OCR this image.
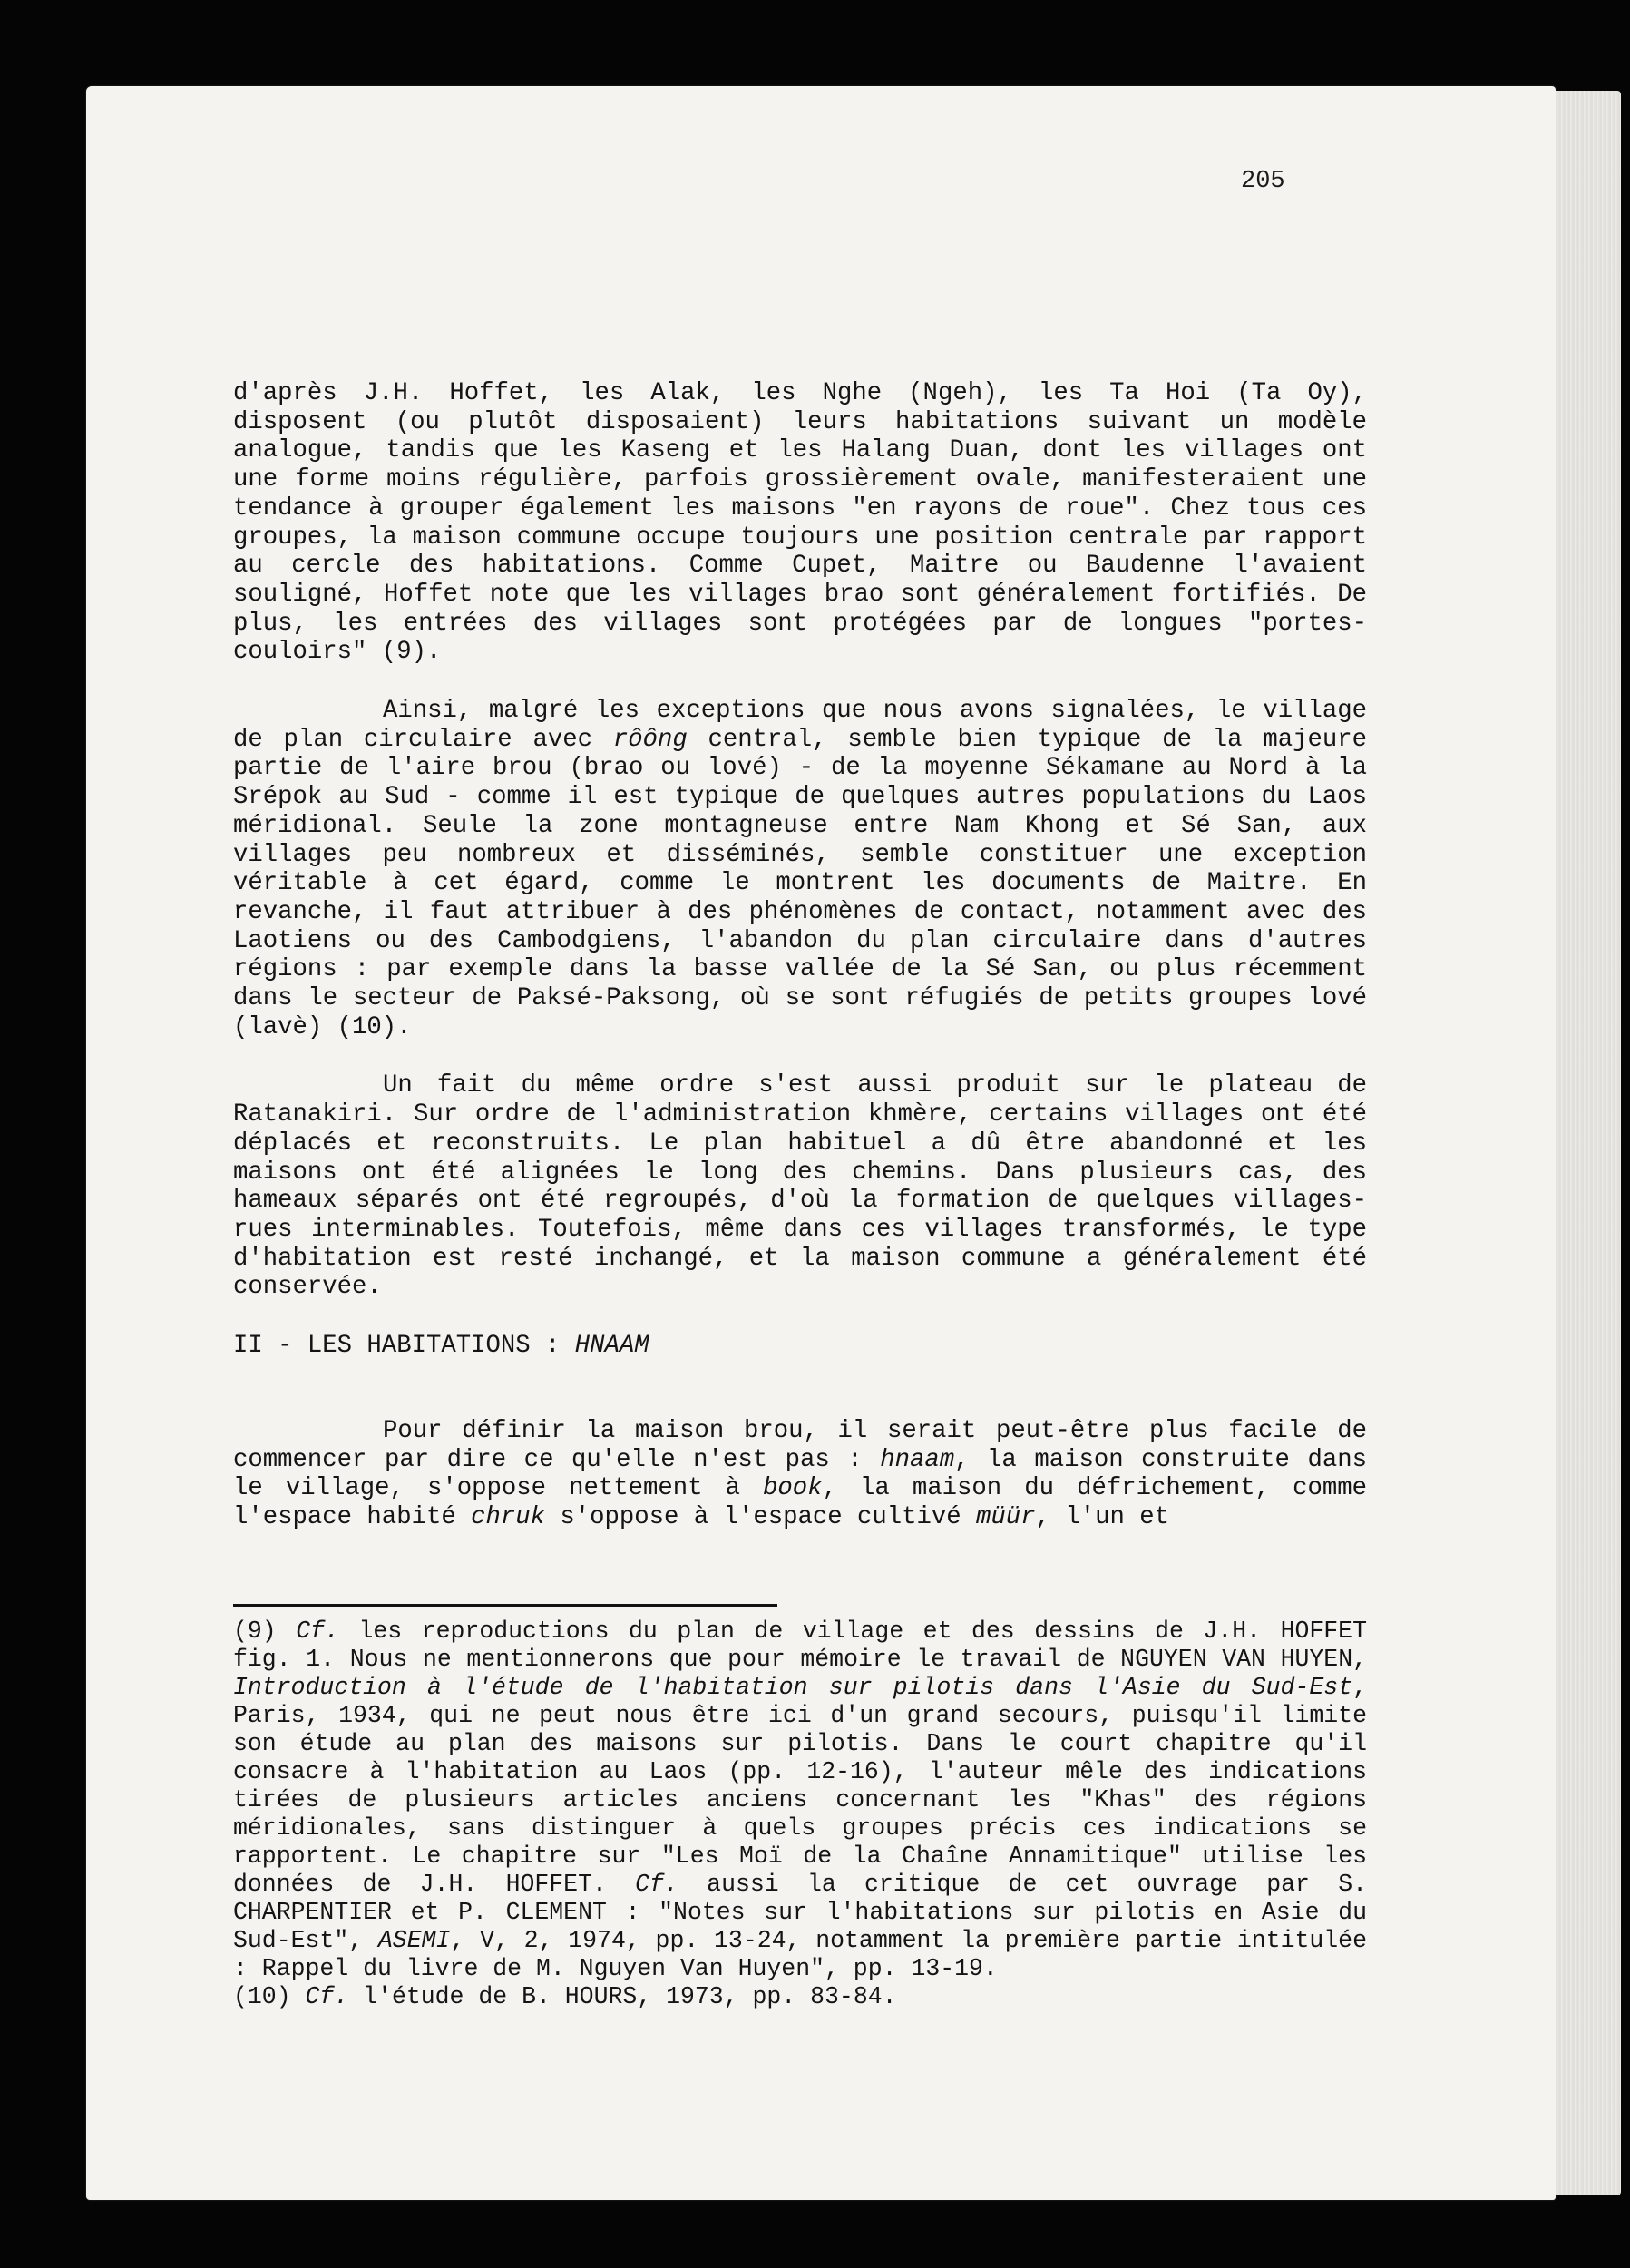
205

d'après J.H. Hoffet, les Alak, les Nghe (Ngeh), les Ta Hoi (Ta Oy), disposent (ou plutôt disposaient) leurs habitations suivant un modèle analogue, tandis que les Kaseng et les Halang Duan, dont les villages ont une forme moins régulière, parfois grossièrement ovale, manifesteraient une tendance à grouper également les maisons "en rayons de roue". Chez tous ces groupes, la maison commune occupe toujours une position centrale par rapport au cercle des habitations. Comme Cupet, Maitre ou Baudenne l'avaient souligné, Hoffet note que les villages brao sont généralement fortifiés. De plus, les entrées des villages sont protégées par de longues "portes-couloirs" (9).

Ainsi, malgré les exceptions que nous avons signalées, le village de plan circulaire avec rôông central, semble bien typique de la majeure partie de l'aire brou (brao ou lové) - de la moyenne Sékamane au Nord à la Srépok au Sud - comme il est typique de quelques autres populations du Laos méridional. Seule la zone montagneuse entre Nam Khong et Sé San, aux villages peu nombreux et disséminés, semble constituer une exception véritable à cet égard, comme le montrent les documents de Maitre. En revanche, il faut attribuer à des phénomènes de contact, notamment avec des Laotiens ou des Cambodgiens, l'abandon du plan circulaire dans d'autres régions : par exemple dans la basse vallée de la Sé San, ou plus récemment dans le secteur de Paksé-Paksong, où se sont réfugiés de petits groupes lové (lavè) (10).

Un fait du même ordre s'est aussi produit sur le plateau de Ratanakiri. Sur ordre de l'administration khmère, certains villages ont été déplacés et reconstruits. Le plan habituel a dû être abandonné et les maisons ont été alignées le long des chemins. Dans plusieurs cas, des hameaux séparés ont été regroupés, d'où la formation de quelques villages-rues interminables. Toutefois, même dans ces villages transformés, le type d'habitation est resté inchangé, et la maison commune a généralement été conservée.

II - LES HABITATIONS : HNAAM

Pour définir la maison brou, il serait peut-être plus facile de commencer par dire ce qu'elle n'est pas : hnaam, la maison construite dans le village, s'oppose nettement à book, la maison du défrichement, comme l'espace habité chruk s'oppose à l'espace cultivé müür, l'un et

(9) Cf. les reproductions du plan de village et des dessins de J.H. HOFFET fig. 1. Nous ne mentionnerons que pour mémoire le travail de NGUYEN VAN HUYEN, Introduction à l'étude de l'habitation sur pilotis dans l'Asie du Sud-Est, Paris, 1934, qui ne peut nous être ici d'un grand secours, puisqu'il limite son étude au plan des maisons sur pilotis. Dans le court chapitre qu'il consacre à l'habitation au Laos (pp. 12-16), l'auteur mêle des indications tirées de plusieurs articles anciens concernant les "Khas" des régions méridionales, sans distinguer à quels groupes précis ces indications se rapportent. Le chapitre sur "Les Moï de la Chaîne Annamitique" utilise les données de J.H. HOFFET. Cf. aussi la critique de cet ouvrage par S. CHARPENTIER et P. CLEMENT : "Notes sur l'habitations sur pilotis en Asie du Sud-Est", ASEMI, V, 2, 1974, pp. 13-24, notamment la première partie intitulée : Rappel du livre de M. Nguyen Van Huyen", pp. 13-19.

(10) Cf. l'étude de B. HOURS, 1973, pp. 83-84.
